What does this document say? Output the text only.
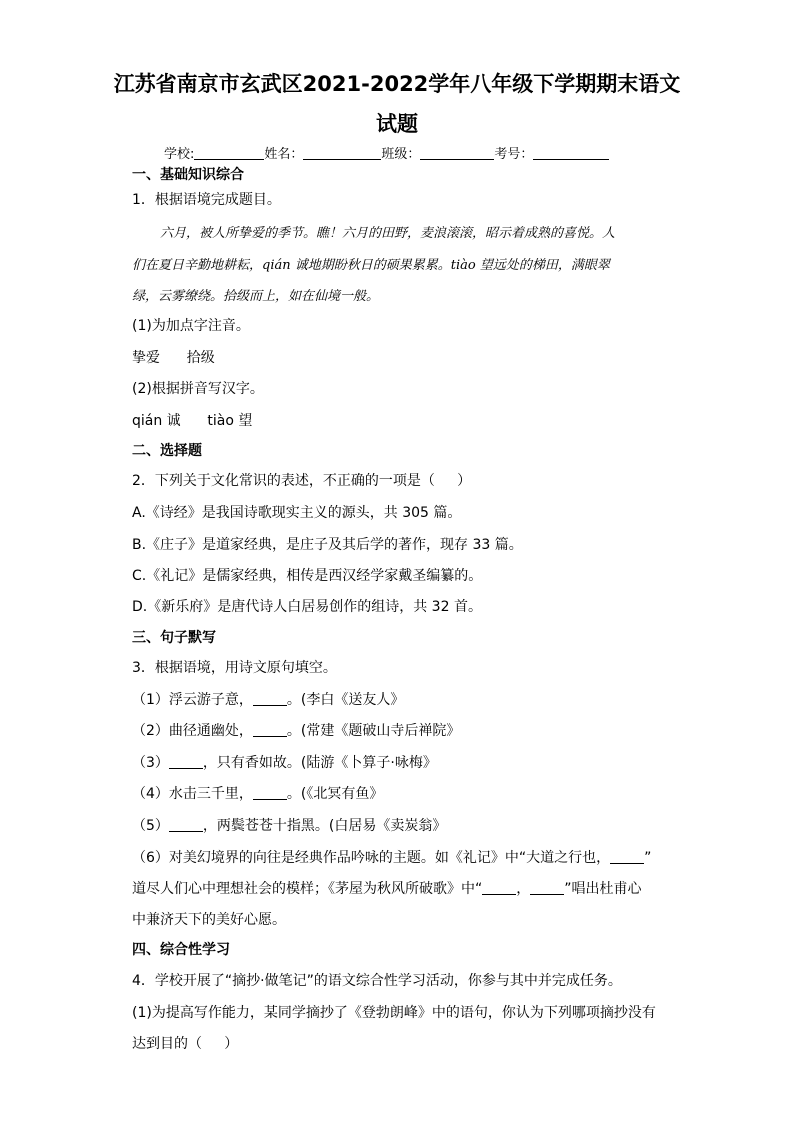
江苏省南京市玄武区2021-2022学年八年级下学期期末语文
试题
学校:	姓名：	班级：	考号：
一、基础知识综合
1．根据语境完成题目。
六月，被人所挚爱的季节。瞧！六月的田野，麦浪滚滚，昭示着成熟的喜悦。人
们在夏日辛勤地耕耘，qián 诚地期盼秋日的硕果累累。tiào 望远处的梯田，满眼翠
绿，云雾缭绕。拾级而上，如在仙境一般。
(1)为加点字注音。
挚爱      拾级
(2)根据拼音写汉字。
qián 诚      tiào 望
二、选择题
2．下列关于文化常识的表述，不正确的一项是（     ）
A.《诗经》是我国诗歌现实主义的源头，共 305 篇。
B.《庄子》是道家经典，是庄子及其后学的著作，现存 33 篇。
C.《礼记》是儒家经典，相传是西汉经学家戴圣编纂的。
D.《新乐府》是唐代诗人白居易创作的组诗，共 32 首。
三、句子默写
3．根据语境，用诗文原句填空。
（1）浮云游子意， 。(李白《送友人》
（2）曲径通幽处， 。(常建《题破山寺后禅院》
（3） ，只有香如故。(陆游《卜算子·咏梅》
（4）水击三千里， 。(《北冥有鱼》
（5） ，两鬓苍苍十指黑。(白居易《卖炭翁》
（6）对美幻境界的向往是经典作品吟咏的主题。如《礼记》中“大道之行也， ”
道尽人们心中理想社会的模样；《茅屋为秋风所破歌》中“ ， ”唱出杜甫心
中兼济天下的美好心愿。
四、综合性学习
4．学校开展了“摘抄·做笔记”的语文综合性学习活动，你参与其中并完成任务。
(1)为提高写作能力，某同学摘抄了《登勃朗峰》中的语句，你认为下列哪项摘抄没有
达到目的（     ）
